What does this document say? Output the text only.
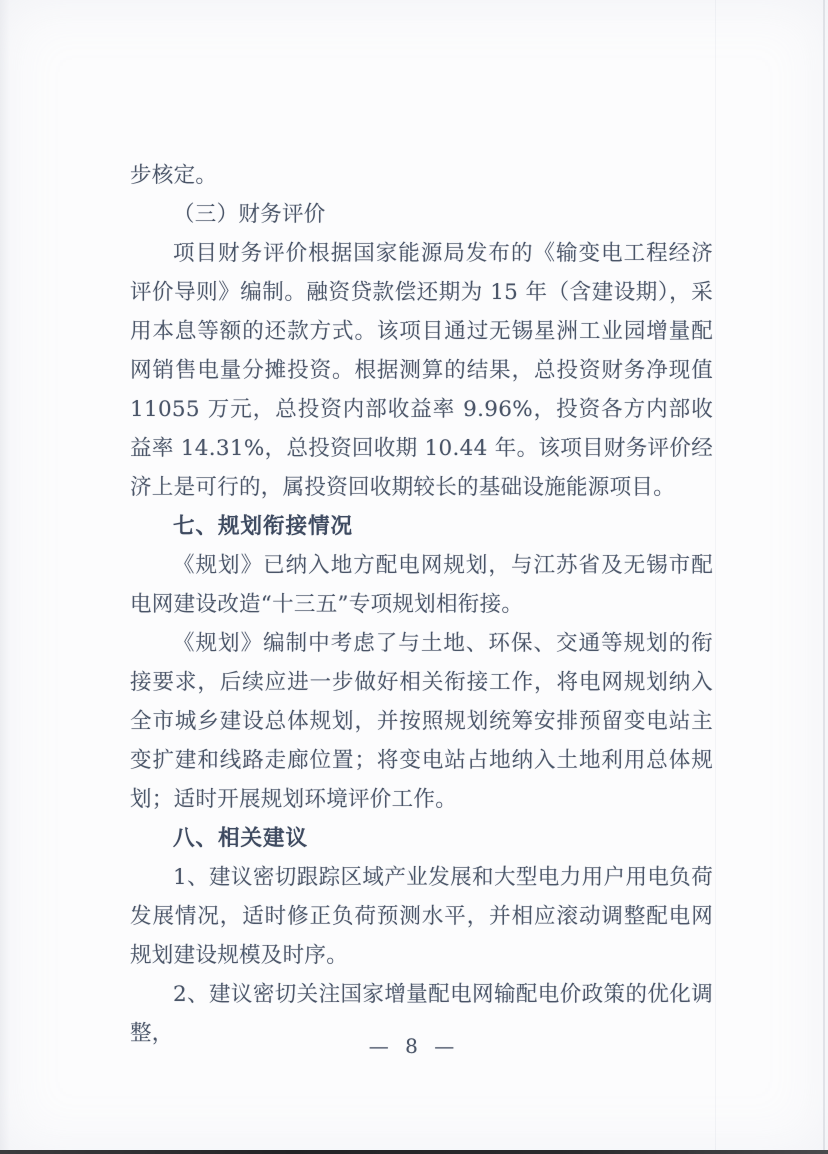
步核定。

（三）财务评价

项目财务评价根据国家能源局发布的《输变电工程经济评价导则》编制。融资贷款偿还期为 15 年（含建设期），采用本息等额的还款方式。该项目通过无锡星洲工业园增量配网销售电量分摊投资。根据测算的结果，总投资财务净现值 11055 万元，总投资内部收益率 9.96%，投资各方内部收益率 14.31%，总投资回收期 10.44 年。该项目财务评价经济上是可行的，属投资回收期较长的基础设施能源项目。

七、规划衔接情况

《规划》已纳入地方配电网规划，与江苏省及无锡市配电网建设改造“十三五”专项规划相衔接。

《规划》编制中考虑了与土地、环保、交通等规划的衔接要求，后续应进一步做好相关衔接工作，将电网规划纳入全市城乡建设总体规划，并按照规划统筹安排预留变电站主变扩建和线路走廊位置；将变电站占地纳入土地利用总体规划；适时开展规划环境评价工作。

八、相关建议

1、建议密切跟踪区域产业发展和大型电力用户用电负荷发展情况，适时修正负荷预测水平，并相应滚动调整配电网规划建设规模及时序。

2、建议密切关注国家增量配电网输配电价政策的优化调整，	— 8 —
